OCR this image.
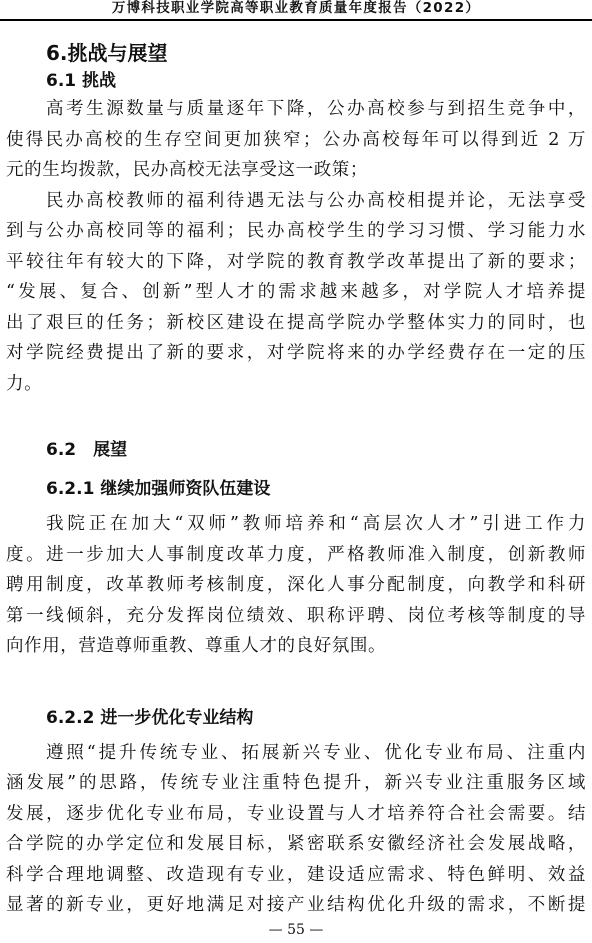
万博科技职业学院高等职业教育质量年度报告（2022）
6.挑战与展望
6.1 挑战
高考生源数量与质量逐年下降，公办高校参与到招生竞争中，
使得民办高校的生存空间更加狭窄；公办高校每年可以得到近 2 万
元的生均拨款，民办高校无法享受这一政策；
民办高校教师的福利待遇无法与公办高校相提并论，无法享受
到与公办高校同等的福利；民办高校学生的学习习惯、学习能力水
平较往年有较大的下降，对学院的教育教学改革提出了新的要求；
“发展、复合、创新”型人才的需求越来越多，对学院人才培养提
出了艰巨的任务；新校区建设在提高学院办学整体实力的同时，也
对学院经费提出了新的要求，对学院将来的办学经费存在一定的压
力。
6.2　展望
6.2.1 继续加强师资队伍建设
我院正在加大“双师”教师培养和“高层次人才”引进工作力
度。进一步加大人事制度改革力度，严格教师准入制度，创新教师
聘用制度，改革教师考核制度，深化人事分配制度，向教学和科研
第一线倾斜，充分发挥岗位绩效、职称评聘、岗位考核等制度的导
向作用，营造尊师重教、尊重人才的良好氛围。
6.2.2 进一步优化专业结构
遵照“提升传统专业、拓展新兴专业、优化专业布局、注重内
涵发展”的思路，传统专业注重特色提升，新兴专业注重服务区域
发展，逐步优化专业布局，专业设置与人才培养符合社会需要。结
合学院的办学定位和发展目标，紧密联系安徽经济社会发展战略，
科学合理地调整、改造现有专业，建设适应需求、特色鲜明、效益
显著的新专业，更好地满足对接产业结构优化升级的需求，不断提
— 55 —
